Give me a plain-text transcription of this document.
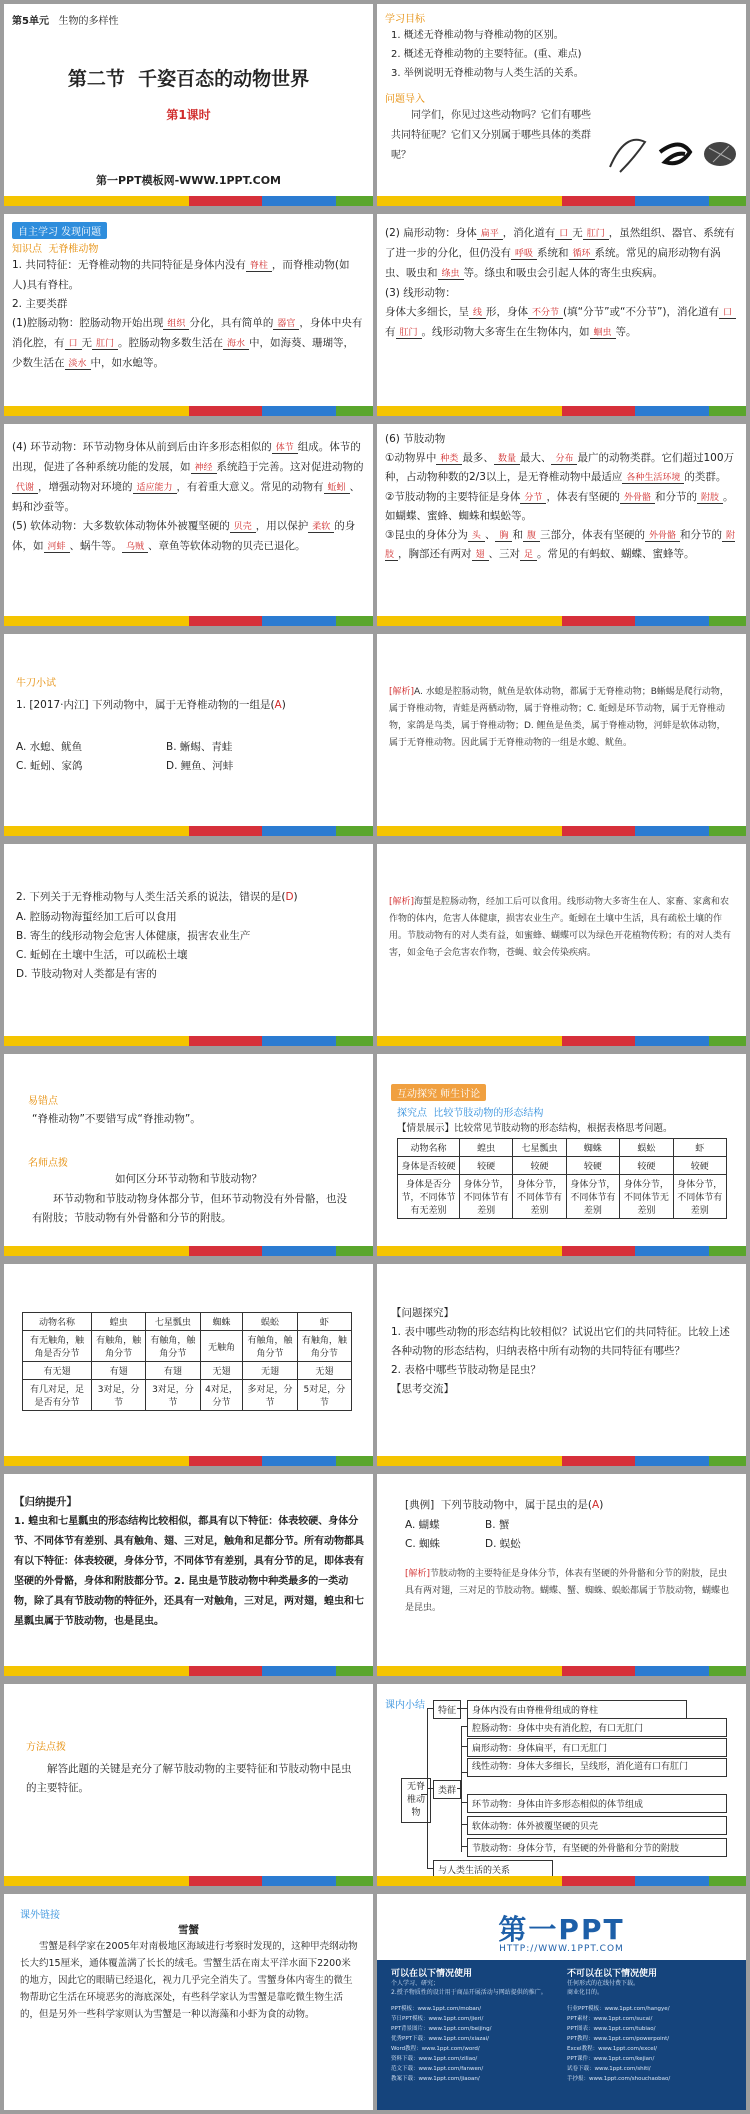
第5单元 生物的多样性
第二节 千姿百态的动物世界
第1课时
第一PPT模板网-WWW.1PPT.COM
学习目标
1. 概述无脊椎动物与脊椎动物的区别。
2. 概述无脊椎动物的主要特征。(重、难点)
3. 举例说明无脊椎动物与人类生活的关系。
问题导入
同学们，你见过这些动物吗？它们有哪些共同特征呢？它们又分别属于哪些具体的类群呢？
自主学习 发现问题
知识点 无脊椎动物
1. 共同特征：无脊椎动物的共同特征是身体内没有 脊柱 ，而脊椎动物(如人)具有脊柱。
2. 主要类群
(1)腔肠动物：腔肠动物开始出现 组织 分化，具有简单的 器官 ，身体中央有消化腔，有 口 无 肛门 。腔肠动物多数生活在 海水 中，如海葵、珊瑚等，少数生活在 淡水 中，如水螅等。
(2) 扁形动物：身体 扁平 ，消化道有 口 无 肛门 ，虽然组织、器官、系统有了进一步的分化，但仍没有 呼吸 系统和 循环 系统。常见的扁形动物有涡虫、吸虫和 绦虫 等。绦虫和吸虫会引起人体的寄生虫疾病。
(3) 线形动物：
身体大多细长，呈 线 形，身体 不分节 (填“分节”或“不分节”)，消化道有 口有 肛门 。线形动物大多寄生在生物体内，如 蛔虫 等。
(4) 环节动物：环节动物身体从前到后由许多形态相似的 体节 组成。体节的出现，促进了各种系统功能的发展，如 神经 系统趋于完善。这对促进动物的代谢 ，增强动物对环境的 适应能力 ，有着重大意义。常见的动物有 蚯蚓 、蚂和沙蚕等。
(5) 软体动物：大多数软体动物体外被覆坚硬的 贝壳 ，用以保护 柔软 的身体，如 河蚌 、蜗牛等。 乌贼 、章鱼等软体动物的贝壳已退化。
(6) 节肢动物
①动物界中 种类 最多、 数量 最大、 分布 最广的动物类群。它们超过100万种，占动物种数的2/3以上，是无脊椎动物中最适应 各种生活环境 的类群。
②节肢动物的主要特征是身体 分节 ，体表有坚硬的 外骨骼 和分节的 附肢 。如蝴蝶、蜜蜂、蜘蛛和蜈蚣等。
③昆虫的身体分为 头 、 胸 和 腹 三部分，体表有坚硬的 外骨骼 和分节的 附肢 ，胸部还有两对 翅 、三对 足 。常见的有蚂蚁、蝴蝶、蜜蜂等。
牛刀小试
1. [2017·内江] 下列动物中，属于无脊椎动物的一组是(A)
A. 水螅、鱿鱼	B. 蜥蜴、青蛙
C. 蚯蚓、家鸽	D. 鲤鱼、河蚌
[解析]A. 水螅是腔肠动物，鱿鱼是软体动物，都属于无脊椎动物；B蜥蜴是爬行动物，属于脊椎动物，青蛙是两栖动物，属于脊椎动物；C. 蚯蚓是环节动物，属于无脊椎动物，家鸽是鸟类，属于脊椎动物；D. 鲤鱼是鱼类，属于脊椎动物，河蚌是软体动物，属于无脊椎动物。因此属于无脊椎动物的一组是水螅、鱿鱼。
2. 下列关于无脊椎动物与人类生活关系的说法，错误的是(D)
A. 腔肠动物海蜇经加工后可以食用
B. 寄生的线形动物会危害人体健康，损害农业生产
C. 蚯蚓在土壤中生活，可以疏松土壤
D. 节肢动物对人类都是有害的
[解析]海蜇是腔肠动物，经加工后可以食用。线形动物大多寄生在人、家畜、家禽和农作物的体内，危害人体健康，损害农业生产。蚯蚓在土壤中生活，具有疏松土壤的作用。节肢动物有的对人类有益，如蜜蜂、蝴蝶可以为绿色开花植物传粉；有的对人类有害，如金龟子会危害农作物，苍蝇、蚊会传染疾病。
易错点
“脊椎动物”不要错写成“脊推动物”。
名师点拨
如何区分环节动物和节肢动物？
环节动物和节肢动物身体都分节，但环节动物没有外骨骼，也没有附肢；节肢动物有外骨骼和分节的附肢。
互动探究 师生讨论
探究点 比较节肢动物的形态结构
【情景展示】比较常见节肢动物的形态结构，根据表格思考问题。
动物名称	蝗虫	七星瓢虫	蜘蛛	蜈蚣	虾
身体是否较硬	较硬	较硬	较硬	较硬	较硬
身体是否分节，不同体节有无差别	身体分节，不同体节有差别	身体分节，不同体节有差别	身体分节，不同体节有差别	身体分节，不同体节无差别	身体分节，不同体节有差别
动物名称	蝗虫	七星瓢虫	蜘蛛	蜈蚣	虾
有无触角，触角是否分节	有触角，触角分节	有触角，触角分节	无触角	有触角，触角分节	有触角，触角分节
有无翅	有翅	有翅	无翅	无翅	无翅
有几对足，足是否有分节	3对足，分节	3对足，分节	4对足，分节	多对足，分节	5对足，分节
【问题探究】
1. 表中哪些动物的形态结构比较相似？试说出它们的共同特征。比较上述各种动物的形态结构，归纳表格中所有动物的共同特征有哪些？
2. 表格中哪些节肢动物是昆虫？
【思考交流】
【归纳提升】
1. 蝗虫和七星瓢虫的形态结构比较相似，都具有以下特征：体表较硬、身体分节、不同体节有差别、具有触角、翅、三对足，触角和足都分节。所有动物都具有以下特征：体表较硬，身体分节，不同体节有差别，具有分节的足，即体表有坚硬的外骨骼，身体和附肢都分节。2. 昆虫是节肢动物中种类最多的一类动物，除了具有节肢动物的特征外，还具有一对触角，三对足，两对翅，蝗虫和七星瓢虫属于节肢动物，也是昆虫。
[典例] 下列节肢动物中，属于昆虫的是(A)
A. 蝴蝶	B. 蟹
C. 蜘蛛	D. 蜈蚣
[解析]节肢动物的主要特征是身体分节，体表有坚硬的外骨骼和分节的附肢，昆虫具有两对翅，三对足的节肢动物。蝴蝶、蟹、蜘蛛、蜈蚣都属于节肢动物，蝴蝶也是昆虫。
方法点拨
解答此题的关键是充分了解节肢动物的主要特征和节肢动物中昆虫的主要特征。
课内小结
无脊椎动物
特征	身体内没有由脊椎骨组成的脊柱
类群
腔肠动物：身体中央有消化腔，有口无肛门
扁形动物：身体扁平，有口无肛门
线性动物：身体大多细长，呈线形，消化道有口有肛门
环节动物：身体由许多形态相似的体节组成
软体动物：体外被覆坚硬的贝壳
节肢动物：身体分节，有坚硬的外骨骼和分节的附肢
与人类生活的关系
课外链接
雪蟹
雪蟹是科学家在2005年对南极地区海域进行考察时发现的，这种甲壳纲动物长大约15厘米，通体覆盖满了长长的绒毛。雪蟹生活在南太平洋水面下2200米的地方，因此它的眼睛已经退化，视力几乎完全消失了。雪蟹身体内寄生的微生物帮助它生活在环境恶劣的海底深处，有些科学家认为雪蟹是靠吃微生物生活的，但是另外一些科学家则认为雪蟹是一种以海藻和小虾为食的动物。
第一PPT
HTTP://WWW.1PPT.COM
可以在以下情况使用
个人学习、研究；
2.授予物质性的设计用于商品开展活动与网站提供的推广。
不可以在以下情况使用
任何形式的在线付费下载。
商业化目的。
PPT模板：www.1ppt.com/moban/
节日PPT模板：www.1ppt.com/jieri/
PPT背景图片：www.1ppt.com/beijing/
优秀PPT下载：www.1ppt.com/xiazai/
Word教程：www.1ppt.com/word/
资料下载：www.1ppt.com/ziliao/
范文下载：www.1ppt.com/fanwen/
教案下载：www.1ppt.com/jiaoan/
行业PPT模板：www.1ppt.com/hangye/
PPT素材：www.1ppt.com/sucai/
PPT图表：www.1ppt.com/tubiao/
PPT教程：www.1ppt.com/powerpoint/
Excel教程：www.1ppt.com/excel/
PPT课件：www.1ppt.com/kejian/
试卷下载：www.1ppt.com/shiti/
手抄报：www.1ppt.com/shouchaobao/
